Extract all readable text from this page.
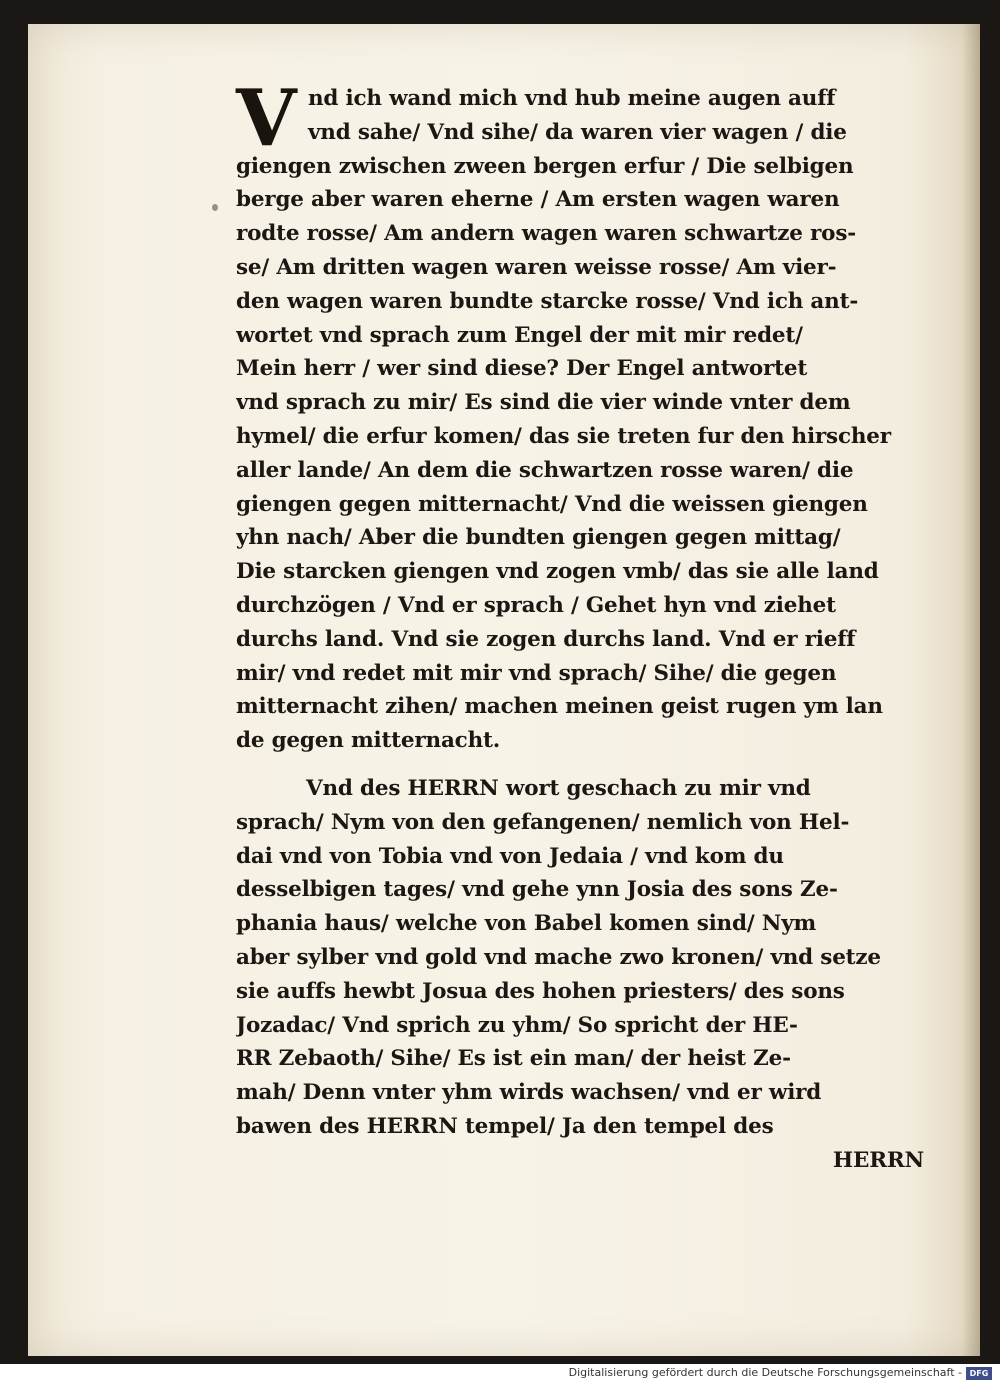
V nd ich wand mich vnd hub meine augen auff
vnd sahe/ Vnd sihe/ da waren vier wagen / die
giengen zwischen zween bergen erfur / Die selbigen
berge aber waren eherne / Am ersten wagen waren
rodte rosse/ Am andern wagen waren schwartze ros-
se/ Am dritten wagen waren weisse rosse/ Am vier-
den wagen waren bundte starcke rosse/ Vnd ich ant-
wortet vnd sprach zum Engel der mit mir redet/
Mein herr / wer sind diese? Der Engel antwortet
vnd sprach zu mir/ Es sind die vier winde vnter dem
hymel/ die erfur komen/ das sie treten fur den hirscher
aller lande/ An dem die schwartzen rosse waren/ die
giengen gegen mitternacht/ Vnd die weissen giengen
yhn nach/ Aber die bundten giengen gegen mittag/
Die starcken giengen vnd zogen vmb/ das sie alle land
durchzögen / Vnd er sprach / Gehet hyn vnd ziehet
durchs land. Vnd sie zogen durchs land. Vnd er rieff
mir/ vnd redet mit mir vnd sprach/ Sihe/ die gegen
mitternacht zihen/ machen meinen geist rugen ym lan
de gegen mitternacht.
Vnd des HERRN wort geschach zu mir vnd
sprach/ Nym von den gefangenen/ nemlich von Hel-
dai vnd von Tobia vnd von Jedaia / vnd kom du
desselbigen tages/ vnd gehe ynn Josia des sons Ze-
phania haus/ welche von Babel komen sind/ Nym
aber sylber vnd gold vnd mache zwo kronen/ vnd setze
sie auffs hewbt Josua des hohen priesters/ des sons
Jozadac/ Vnd sprich zu yhm/ So spricht der HE-
RR Zebaoth/ Sihe/ Es ist ein man/ der heist Ze-
mah/ Denn vnter yhm wirds wachsen/ vnd er wird
bawen des HERRN tempel/ Ja den tempel des
HERRN
Digitalisierung gefördert durch die Deutsche Forschungsgemeinschaft - DFG
